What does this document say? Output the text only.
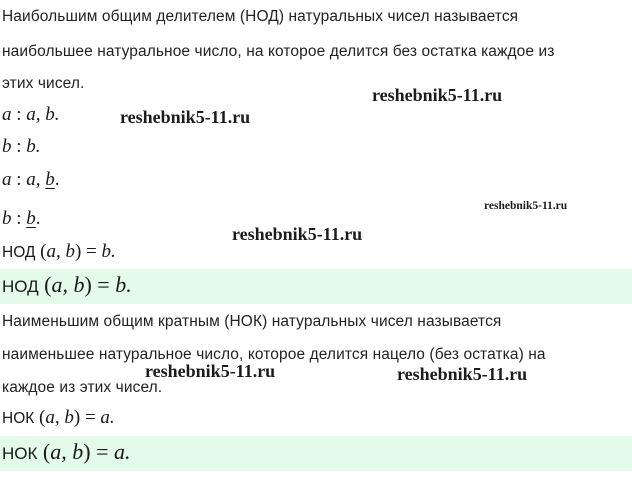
Наибольшим общим делителем (НОД) натуральных чисел называется
наибольшее натуральное число, на которое делится без остатка каждое из
этих чисел.
a : a, b.
b : b.
a : a, b.
b : b.
НОД (a, b) = b.
НОД (a, b) = b.
Наименьшим общим кратным (НОК) натуральных чисел называется
наименьшее натуральное число, которое делится нацело (без остатка) на
каждое из этих чисел.
НОК (a, b) = a.
НОК (a, b) = a.
reshebnik5-11.ru
reshebnik5-11.ru
reshebnik5-11.ru
reshebnik5-11.ru
reshebnik5-11.ru	reshebnik5-11.ru
